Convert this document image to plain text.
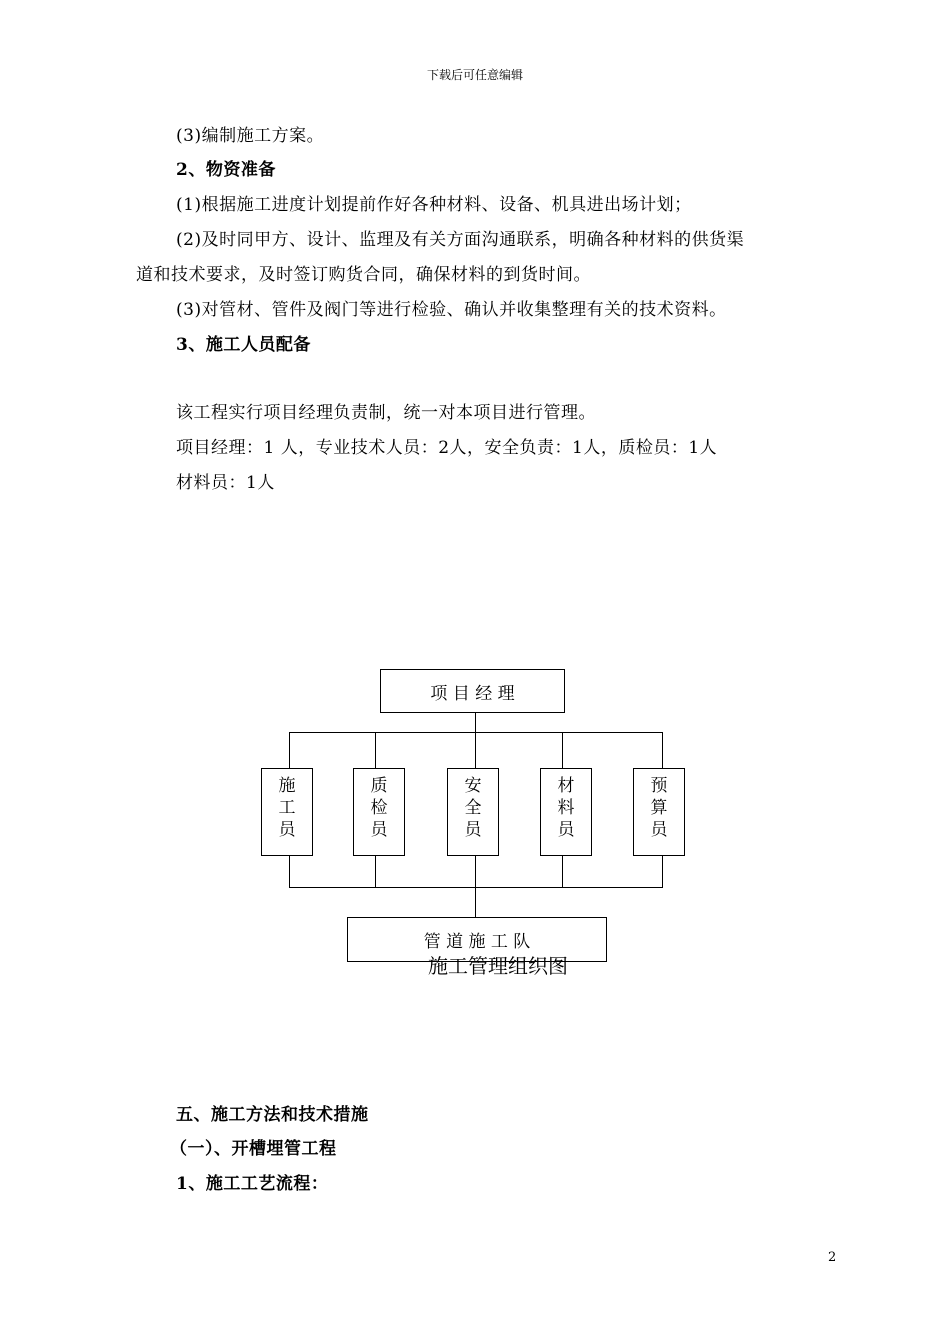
下载后可任意编辑
(3)编制施工方案。
2、物资准备
(1)根据施工进度计划提前作好各种材料、设备、机具进出场计划；
(2)及时同甲方、设计、监理及有关方面沟通联系，明确各种材料的供货渠
道和技术要求，及时签订购货合同，确保材料的到货时间。
(3)对管材、管件及阀门等进行检验、确认并收集整理有关的技术资料。
3、施工人员配备
该工程实行项目经理负责制，统一对本项目进行管理。
项目经理：1 人，专业技术人员：2人，安全负责：1人，质检员：1人
材料员：1人
施工管理组织图
项 目 经 理
施
工
员
质
检
员
安
全
员
材
料
员
预
算
员
管 道 施 工 队
五、施工方法和技术措施
（一）、开槽埋管工程
1、施工工艺流程：
2
